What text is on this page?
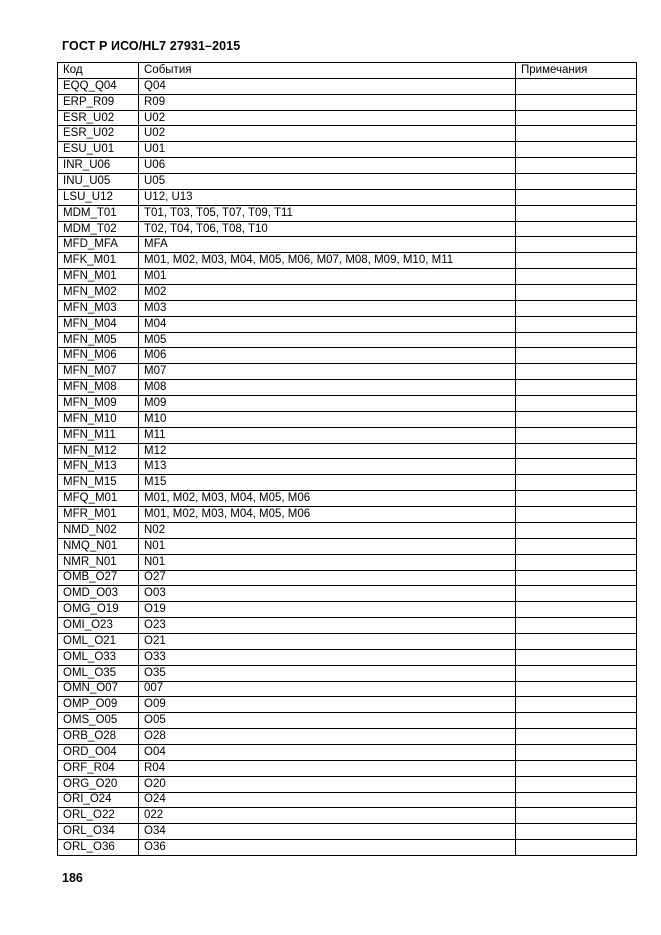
ГОСТ Р ИСО/HL7 27931–2015
Код	События	Примечания
EQQ_Q04	Q04	
ERP_R09	R09	
ESR_U02	U02	
ESR_U02	U02	
ESU_U01	U01	
INR_U06	U06	
INU_U05	U05	
LSU_U12	U12, U13	
MDM_T01	T01, T03, T05, T07, T09, T11	
MDM_T02	T02, T04, T06, T08, T10	
MFD_MFA	MFA	
MFK_M01	M01, M02, M03, M04, M05, M06, M07, M08, M09, M10, M11	
MFN_M01	M01	
MFN_M02	M02	
MFN_M03	M03	
MFN_M04	M04	
MFN_M05	M05	
MFN_M06	M06	
MFN_M07	M07	
MFN_M08	M08	
MFN_M09	M09	
MFN_M10	M10	
MFN_M11	M11	
MFN_M12	M12	
MFN_M13	M13	
MFN_M15	M15	
MFQ_M01	M01, M02, M03, M04, M05, M06	
MFR_M01	M01, M02, M03, M04, M05, M06	
NMD_N02	N02	
NMQ_N01	N01	
NMR_N01	N01	
OMB_O27	O27	
OMD_O03	O03	
OMG_O19	O19	
OMI_O23	O23	
OML_O21	O21	
OML_O33	O33	
OML_O35	O35	
OMN_O07	007	
OMP_O09	O09	
OMS_O05	O05	
ORB_O28	O28	
ORD_O04	O04	
ORF_R04	R04	
ORG_O20	O20	
ORI_O24	O24	
ORL_O22	022	
ORL_O34	O34	
ORL_O36	O36	
186
